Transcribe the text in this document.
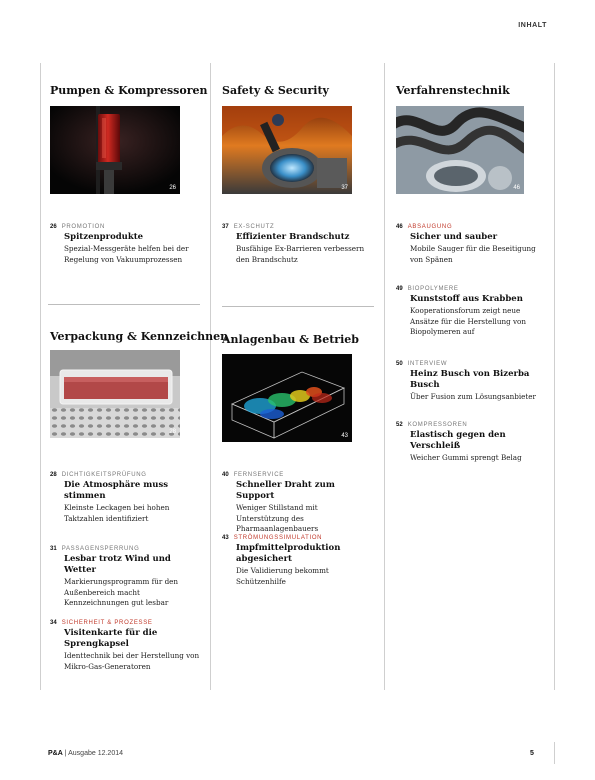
INHALT
Pumpen & Kompressoren
26
26 PROMOTION
Spitzenprodukte
Spezial-Messgeräte helfen bei der Regelung von Vakuumprozessen
Verpackung & Kennzeichnen
28
28 DICHTIGKEITSPRÜFUNG
Die Atmosphäre muss stimmen
Kleinste Leckagen bei hohen Taktzahlen identifiziert
31 PASSAGENSPERRUNG
Lesbar trotz Wind und Wetter
Markierungsprogramm für den Außenbereich macht Kennzeichnungen gut lesbar
34 SICHERHEIT & PROZESSE
Visitenkarte für die Sprengkapsel
Identtechnik bei der Herstellung von Mikro-Gas-Generatoren
Safety & Security
37
37 EX-SCHUTZ
Effizienter Brandschutz
Busfähige Ex-Barrieren verbessern den Brandschutz
Anlagenbau & Betrieb
43
40 FERNSERVICE
Schneller Draht zum Support
Weniger Stillstand mit Unterstützung des Pharmaanlagenbauers
43 STRÖMUNGSSIMULATION
Impfmittelproduktion abgesichert
Die Validierung bekommt Schützenhilfe
Verfahrenstechnik
46
46 ABSAUGUNG
Sicher und sauber
Mobile Sauger für die Beseitigung von Spänen
49 BIOPOLYMERE
Kunststoff aus Krabben
Kooperationsforum zeigt neue Ansätze für die Herstellung von Biopolymeren auf
50 INTERVIEW
Heinz Busch von Bizerba Busch
Über Fusion zum Lösungsanbieter
52 KOMPRESSOREN
Elastisch gegen den Verschleiß
Weicher Gummi sprengt Belag
P&A | Ausgabe 12.2014	5
